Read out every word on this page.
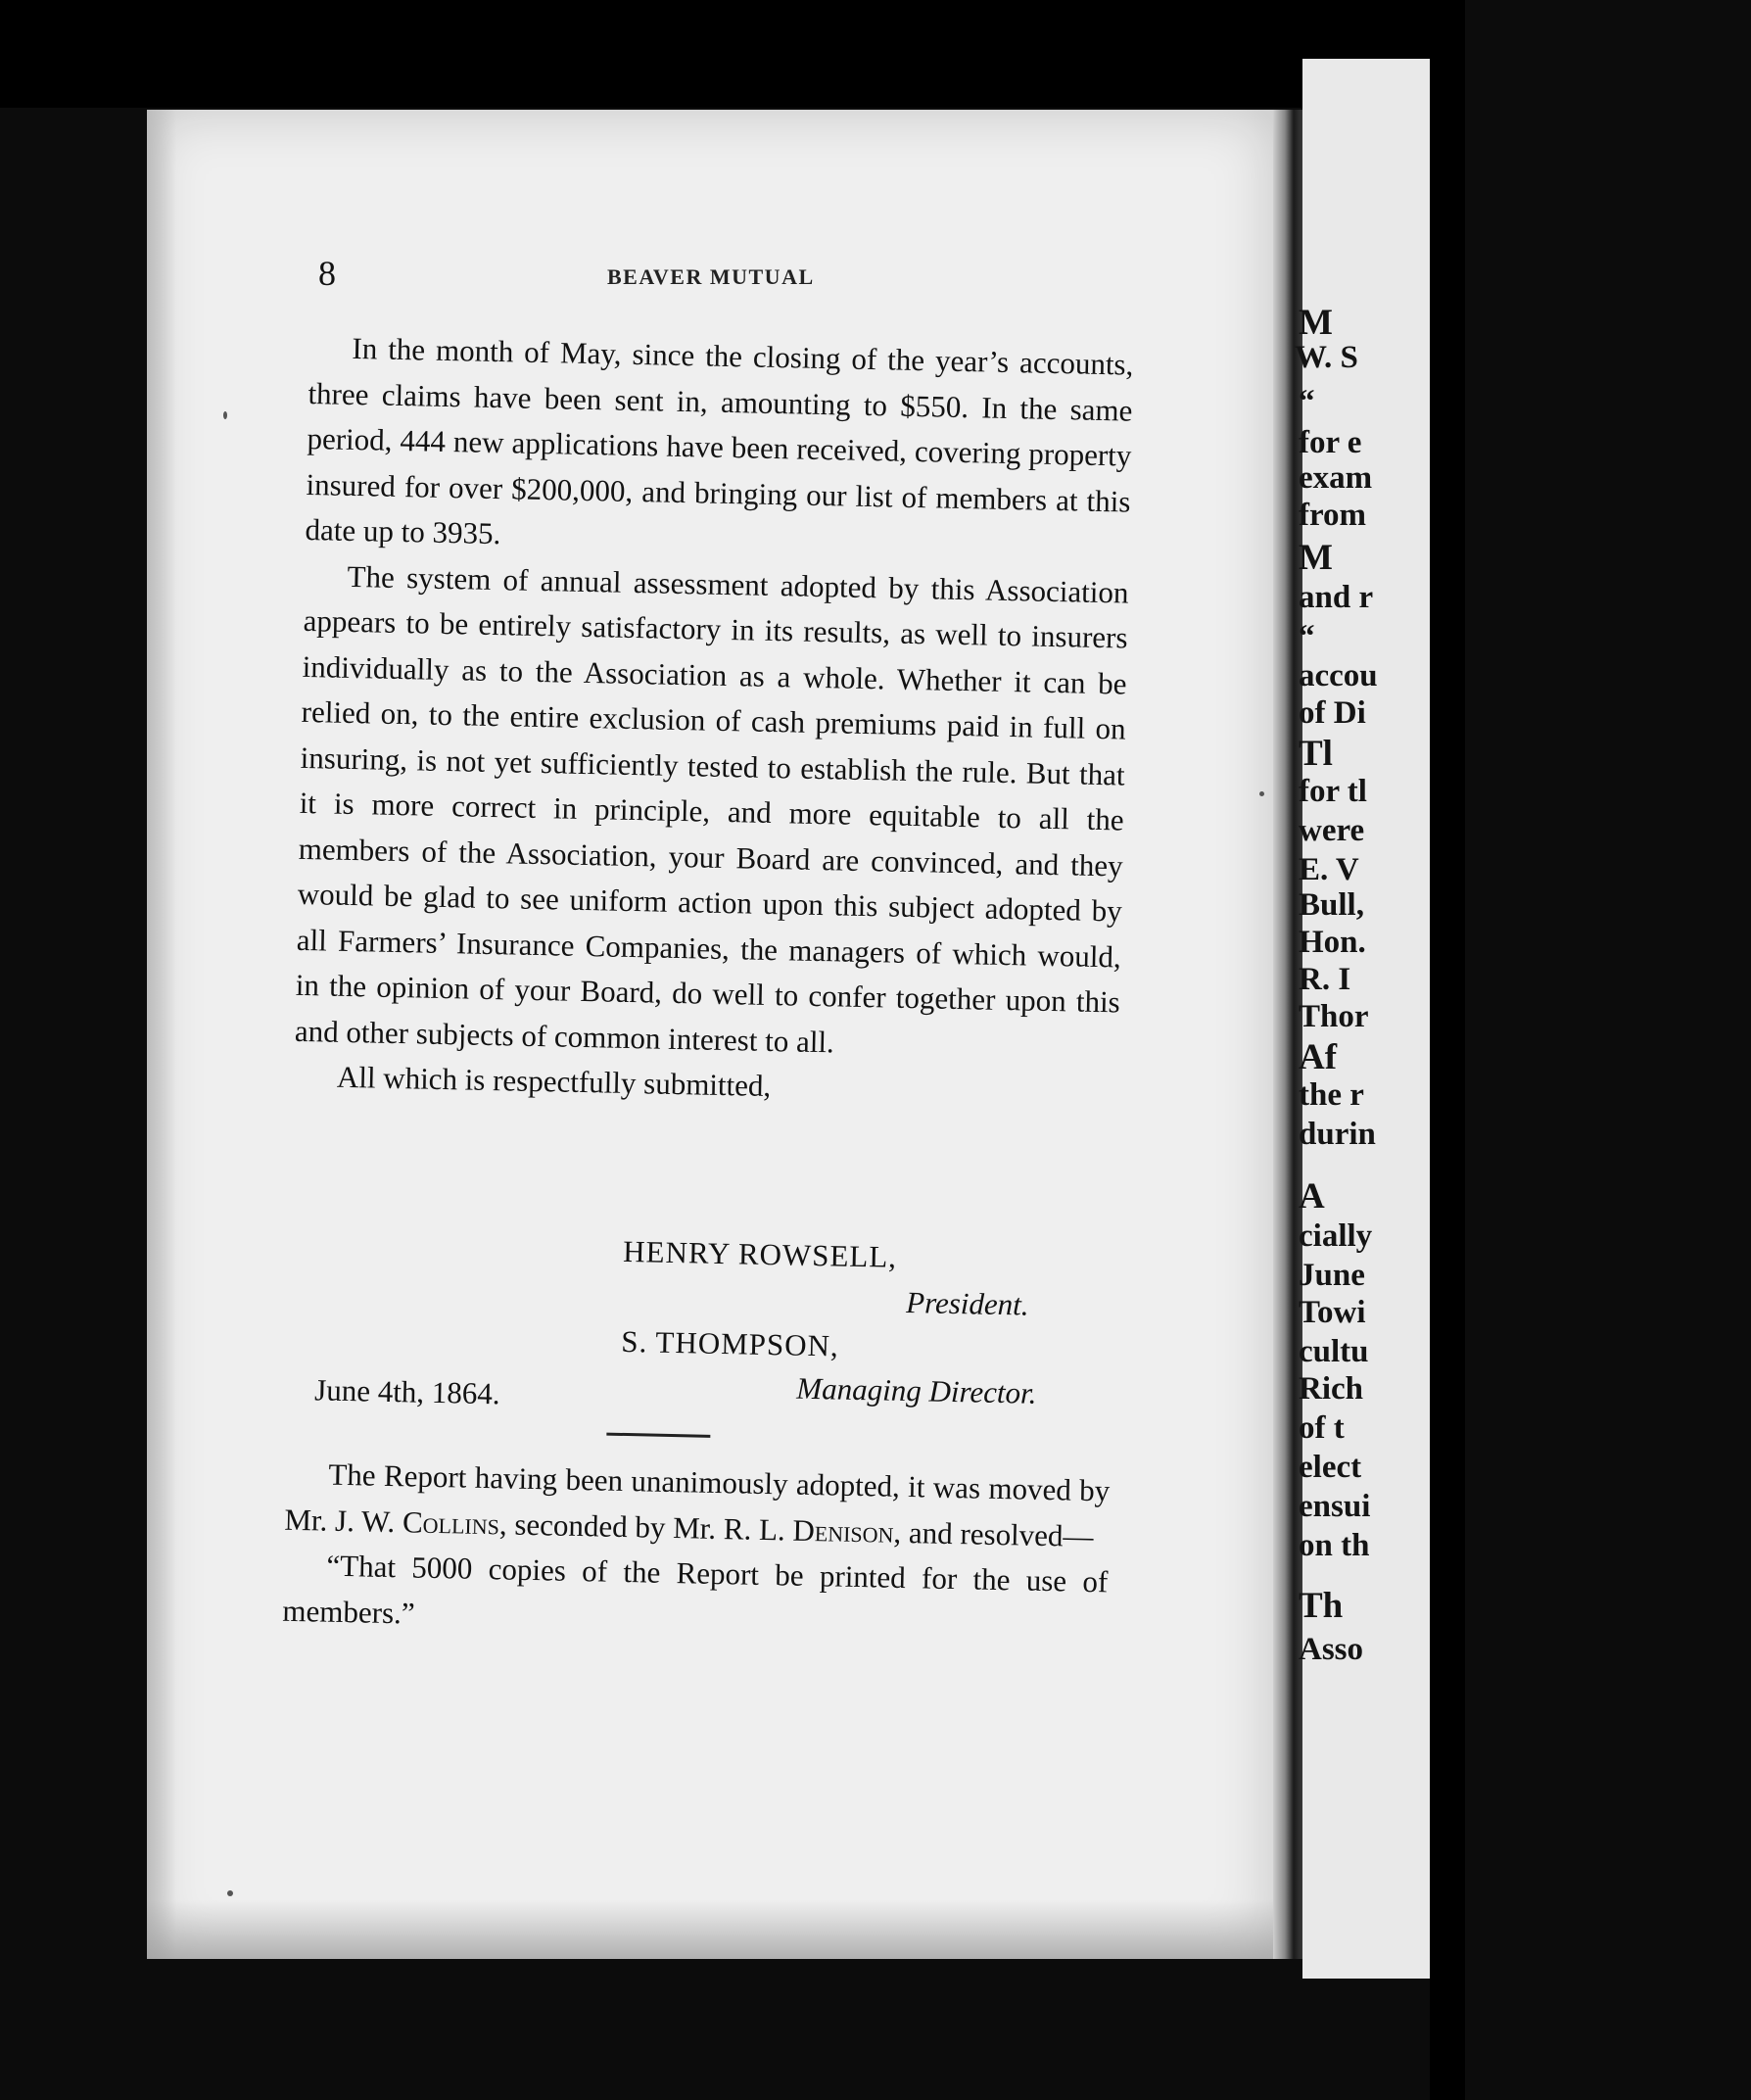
M
W. S
“
for e
exam
from
M
and r
“
accou
of Di
Tl
for tl
were
E. V
Bull,
Hon.
R. I
Thor
Af
the r
durin
A
cially
June
Towi
cultu
Rich
of t
elect
ensui
on th
Th
Asso
8	BEAVER MUTUAL

In the month of May, since the closing of the year’s accounts, three claims have been sent in, amounting to $550. In the same period, 444 new applications have been received, covering property insured for over $200,000, and bringing our list of members at this date up to 3935.

The system of annual assessment adopted by this Association appears to be entirely satisfactory in its results, as well to insurers individually as to the Association as a whole. Whether it can be relied on, to the entire exclusion of cash premiums paid in full on insuring, is not yet sufficiently tested to establish the rule. But that it is more correct in principle, and more equitable to all the members of the Association, your Board are convinced, and they would be glad to see uniform action upon this subject adopted by all Farmers’ Insurance Companies, the managers of which would, in the opinion of your Board, do well to confer together upon this and other subjects of common interest to all.

All which is respectfully submitted,

HENRY ROWSELL,
President.
S. THOMPSON,
Managing Director.
June 4th, 1864.

The Report having been unanimously adopted, it was moved by Mr. J. W. Collins, seconded by Mr. R. L. Denison, and resolved—

“That 5000 copies of the Report be printed for the use of members.”
